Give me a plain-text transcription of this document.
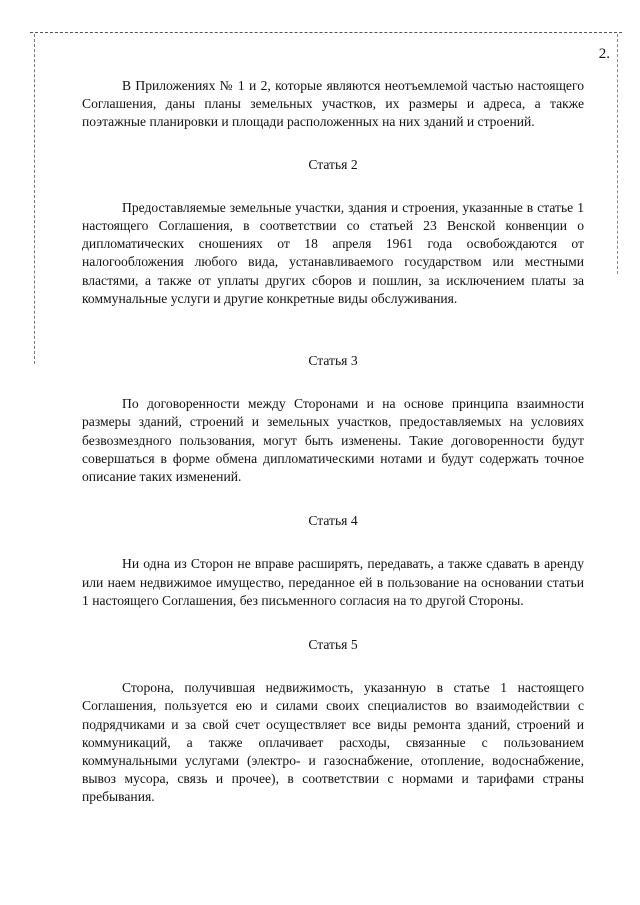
2.

В Приложениях № 1 и 2, которые являются неотъемлемой частью настоящего Соглашения, даны планы земельных участков, их размеры и адреса, а также поэтажные планировки и площади расположенных на них зданий и строений.

Статья 2

Предоставляемые земельные участки, здания и строения, указанные в статье 1 настоящего Соглашения, в соответствии со статьей 23 Венской конвенции о дипломатических сношениях от 18 апреля 1961 года освобождаются от налогообложения любого вида, устанавливаемого государством или местными властями, а также от уплаты других сборов и пошлин, за исключением платы за коммунальные услуги и другие конкретные виды обслуживания.

Статья 3

По договоренности между Сторонами и на основе принципа взаимности размеры зданий, строений и земельных участков, предоставляемых на условиях безвозмездного пользования, могут быть изменены. Такие договоренности будут совершаться в форме обмена дипломатическими нотами и будут содержать точное описание таких изменений.

Статья 4

Ни одна из Сторон не вправе расширять, передавать, а также сдавать в аренду или наем недвижимое имущество, переданное ей в пользование на основании статьи 1 настоящего Соглашения, без письменного согласия на то другой Стороны.

Статья 5

Сторона, получившая недвижимость, указанную в статье 1 настоящего Соглашения, пользуется ею и силами своих специалистов во взаимодействии с подрядчиками и за свой счет осуществляет все виды ремонта зданий, строений и коммуникаций, а также оплачивает расходы, связанные с пользованием коммунальными услугами (электро- и газоснабжение, отопление, водоснабжение, вывоз мусора, связь и прочее), в соответствии с нормами и тарифами страны пребывания.
